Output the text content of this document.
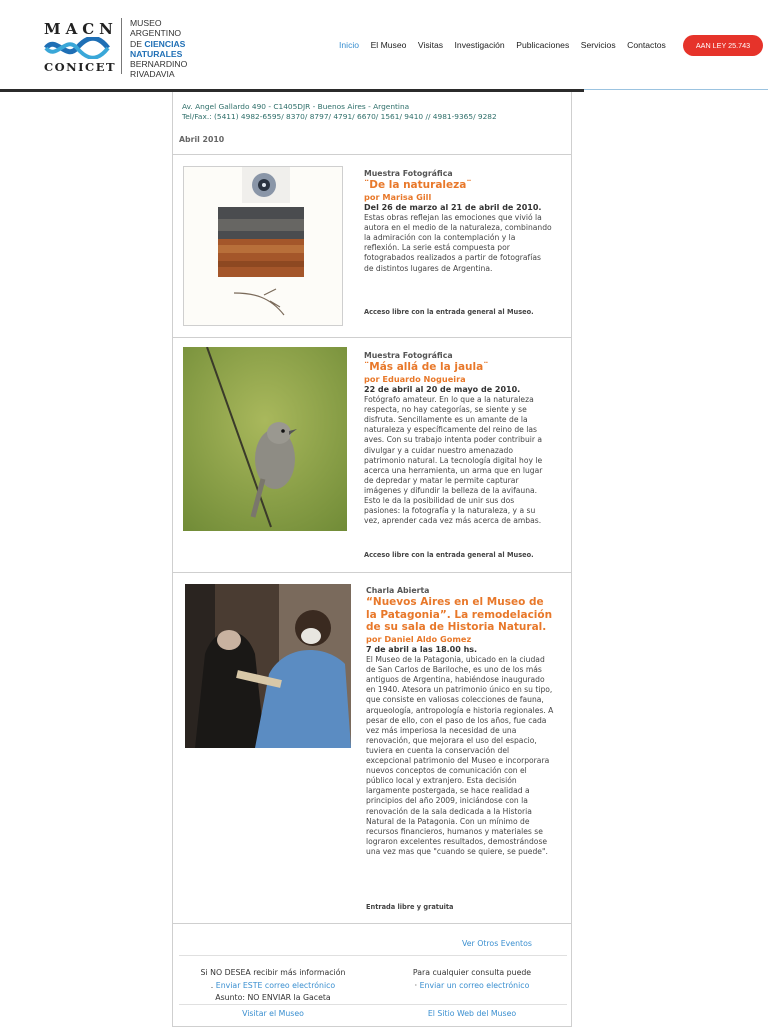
MACN
CONICET
MUSEO
ARGENTINO
DE CIENCIAS
NATURALES
BERNARDINO
RIVADAVIA
Inicio El Museo Visitas Investigación Publicaciones Servicios Contactos	AAN LEY 25.743
Av. Angel Gallardo 490 - C1405DJR - Buenos Aires - Argentina
Tel/Fax.: (5411) 4982-6595/ 8370/ 8797/ 4791/ 6670/ 1561/ 9410 // 4981-9365/ 9282
Abril 2010
Muestra Fotográfica
¨De la naturaleza¨
por Marisa Gill
Del 26 de marzo al 21 de abril de 2010.
Estas obras reflejan las emociones que vivió la autora en el medio de la naturaleza, combinando la admiración con la contemplación y la reflexión. La serie está compuesta por fotograbados realizados a partir de fotografías de distintos lugares de Argentina.
Acceso libre con la entrada general al Museo.
Muestra Fotográfica
¨Más allá de la jaula¨
por Eduardo Nogueira
22 de abril al 20 de mayo de 2010.
Fotógrafo amateur. En lo que a la naturaleza respecta, no hay categorías, se siente y se disfruta. Sencillamente es un amante de la naturaleza y específicamente del reino de las aves. Con su trabajo intenta poder contribuir a divulgar y a cuidar nuestro amenazado patrimonio natural. La tecnología digital hoy le acerca una herramienta, un arma que en lugar de depredar y matar le permite capturar imágenes y difundir la belleza de la avifauna. Esto le da la posibilidad de unir sus dos pasiones: la fotografía y la naturaleza, y a su vez, aprender cada vez más acerca de ambas.
Acceso libre con la entrada general al Museo.
Charla Abierta
“Nuevos Aires en el Museo de la Patagonia”. La remodelación de su sala de Historia Natural.
por Daniel Aldo Gomez
7 de abril a las 18.00 hs.
El Museo de la Patagonia, ubicado en la ciudad de San Carlos de Bariloche, es uno de los más antiguos de Argentina, habiéndose inaugurado en 1940. Atesora un patrimonio único en su tipo, que consiste en valiosas colecciones de fauna, arqueología, antropología e historia regionales. A pesar de ello, con el paso de los años, fue cada vez más imperiosa la necesidad de una renovación, que mejorara el uso del espacio, tuviera en cuenta la conservación del excepcional patrimonio del Museo e incorporara nuevos conceptos de comunicación con el público local y extranjero. Esta decisión largamente postergada, se hace realidad a principios del año 2009, iniciándose con la renovación de la sala dedicada a la Historia Natural de la Patagonia. Con un mínimo de recursos financieros, humanos y materiales se lograron excelentes resultados, demostrándose una vez mas que "cuando se quiere, se puede".
Entrada libre y gratuita
Ver Otros Eventos
Si NO DESEA recibir más información
. Enviar ESTE correo electrónico
Asunto: NO ENVIAR la Gaceta
Para cualquier consulta puede
· Enviar un correo electrónico
Visitar el Museo	El Sitio Web del Museo
